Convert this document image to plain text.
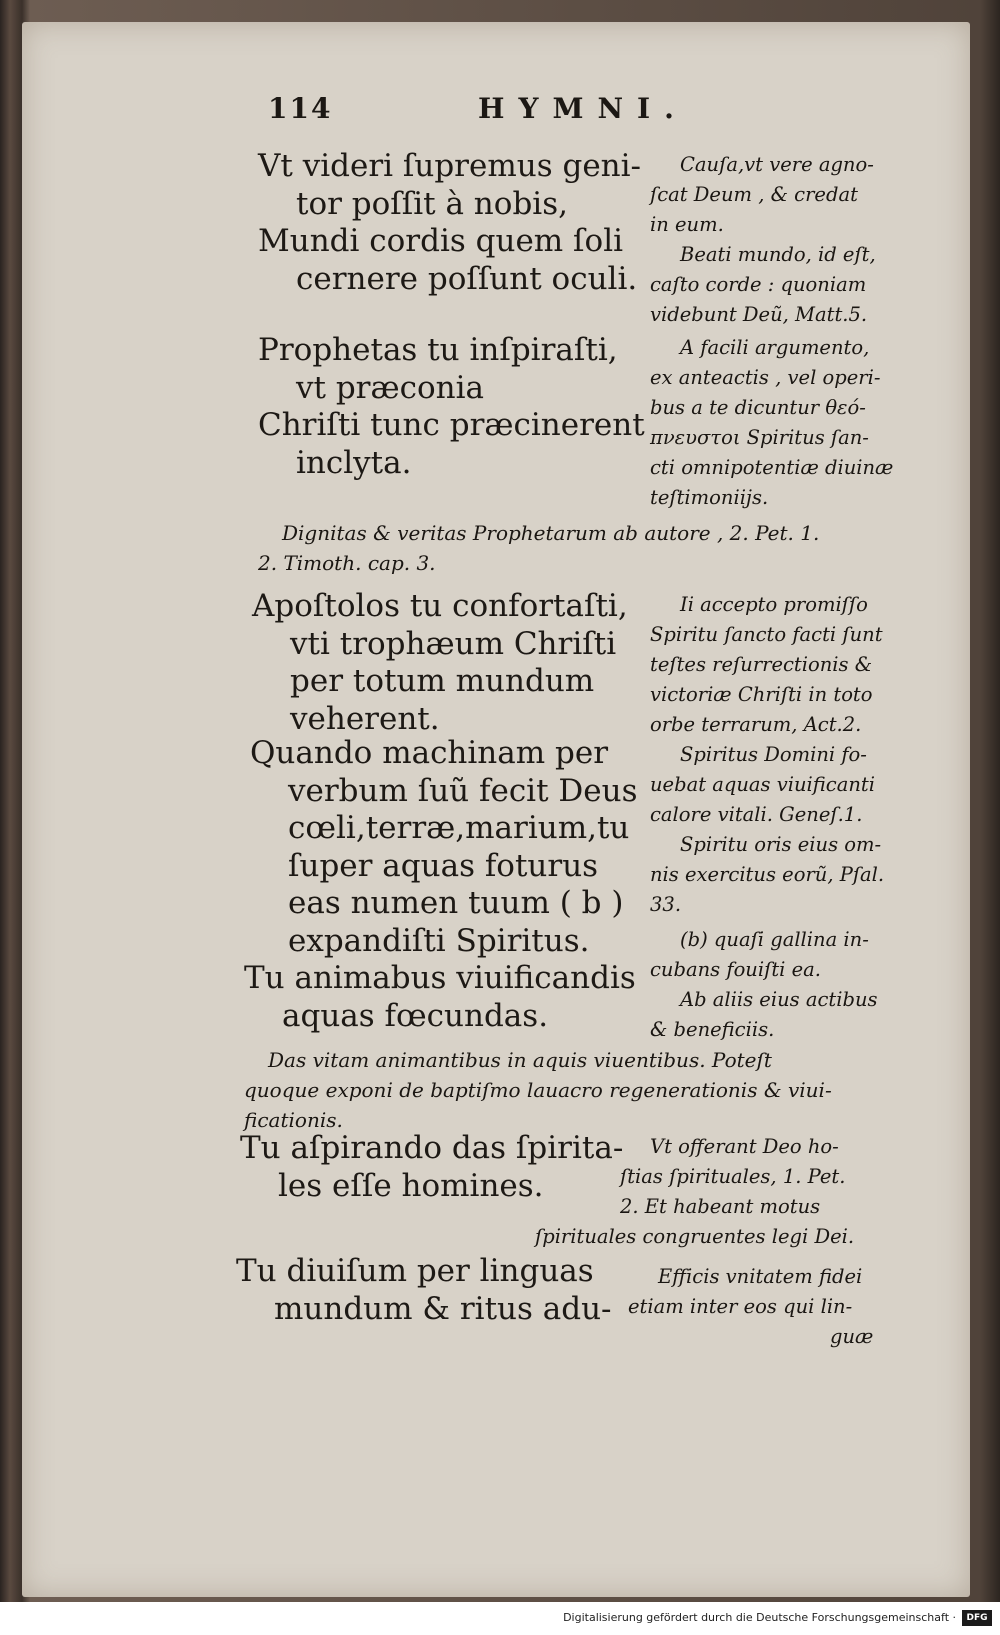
114	HYMNI.
Vt videri ſupremus geni-
tor poſſit à nobis,
Mundi cordis quem ſoli
cernere poſſunt oculi.
Cauſa,vt vere agno-
ſcat Deum , & credat
in eum.
Beati mundo, id eſt,
caſto corde : quoniam
videbunt Deũ, Matt.5.
Prophetas tu inſpiraſti,
vt præconia
Chriſti tunc præcinerent
inclyta.
A facili argumento,
ex anteactis , vel operi-
bus a te dicuntur θεό-
πνευστοι Spiritus ſan-
cti omnipotentiæ diuinæ
teſtimoniijs.
Dignitas & veritas Prophetarum ab autore , 2. Pet. 1.
2. Timoth. cap. 3.
Apoſtolos tu confortaſti,
vti trophæum Chriſti
per totum mundum
veherent.
Ii accepto promiſſo
Spiritu ſancto facti ſunt
teſtes reſurrectionis &
victoriæ Chriſti in toto
orbe terrarum, Act.2.
Quando machinam per
verbum ſuũ fecit Deus
cœli,terræ,marium,tu
ſuper aquas foturus
eas numen tuum ( b )
expandiſti Spiritus.
Spiritus Domini fo-
uebat aquas viuificanti
calore vitali. Geneſ.1.
Spiritu oris eius om-
nis exercitus eorũ, Pſal.
33.
Tu animabus viuificandis
aquas fœcundas.
(b) quaſi gallina in-
cubans fouiſti ea.
Ab aliis eius actibus
& beneficiis.
Das vitam animantibus in aquis viuentibus. Poteſt
quoque exponi de baptiſmo lauacro regenerationis & viui-
ficationis.
Tu aſpirando das ſpirita-
les eſſe homines.
Vt offerant Deo ho-
ſtias ſpirituales, 1. Pet.
2. Et habeant motus
ſpirituales congruentes legi Dei.
Tu diuiſum per linguas
mundum & ritus adu-
Efficis vnitatem fidei
etiam inter eos qui lin-
guæ
Digitalisierung gefördert durch die Deutsche Forschungsgemeinschaft ·	DFG
